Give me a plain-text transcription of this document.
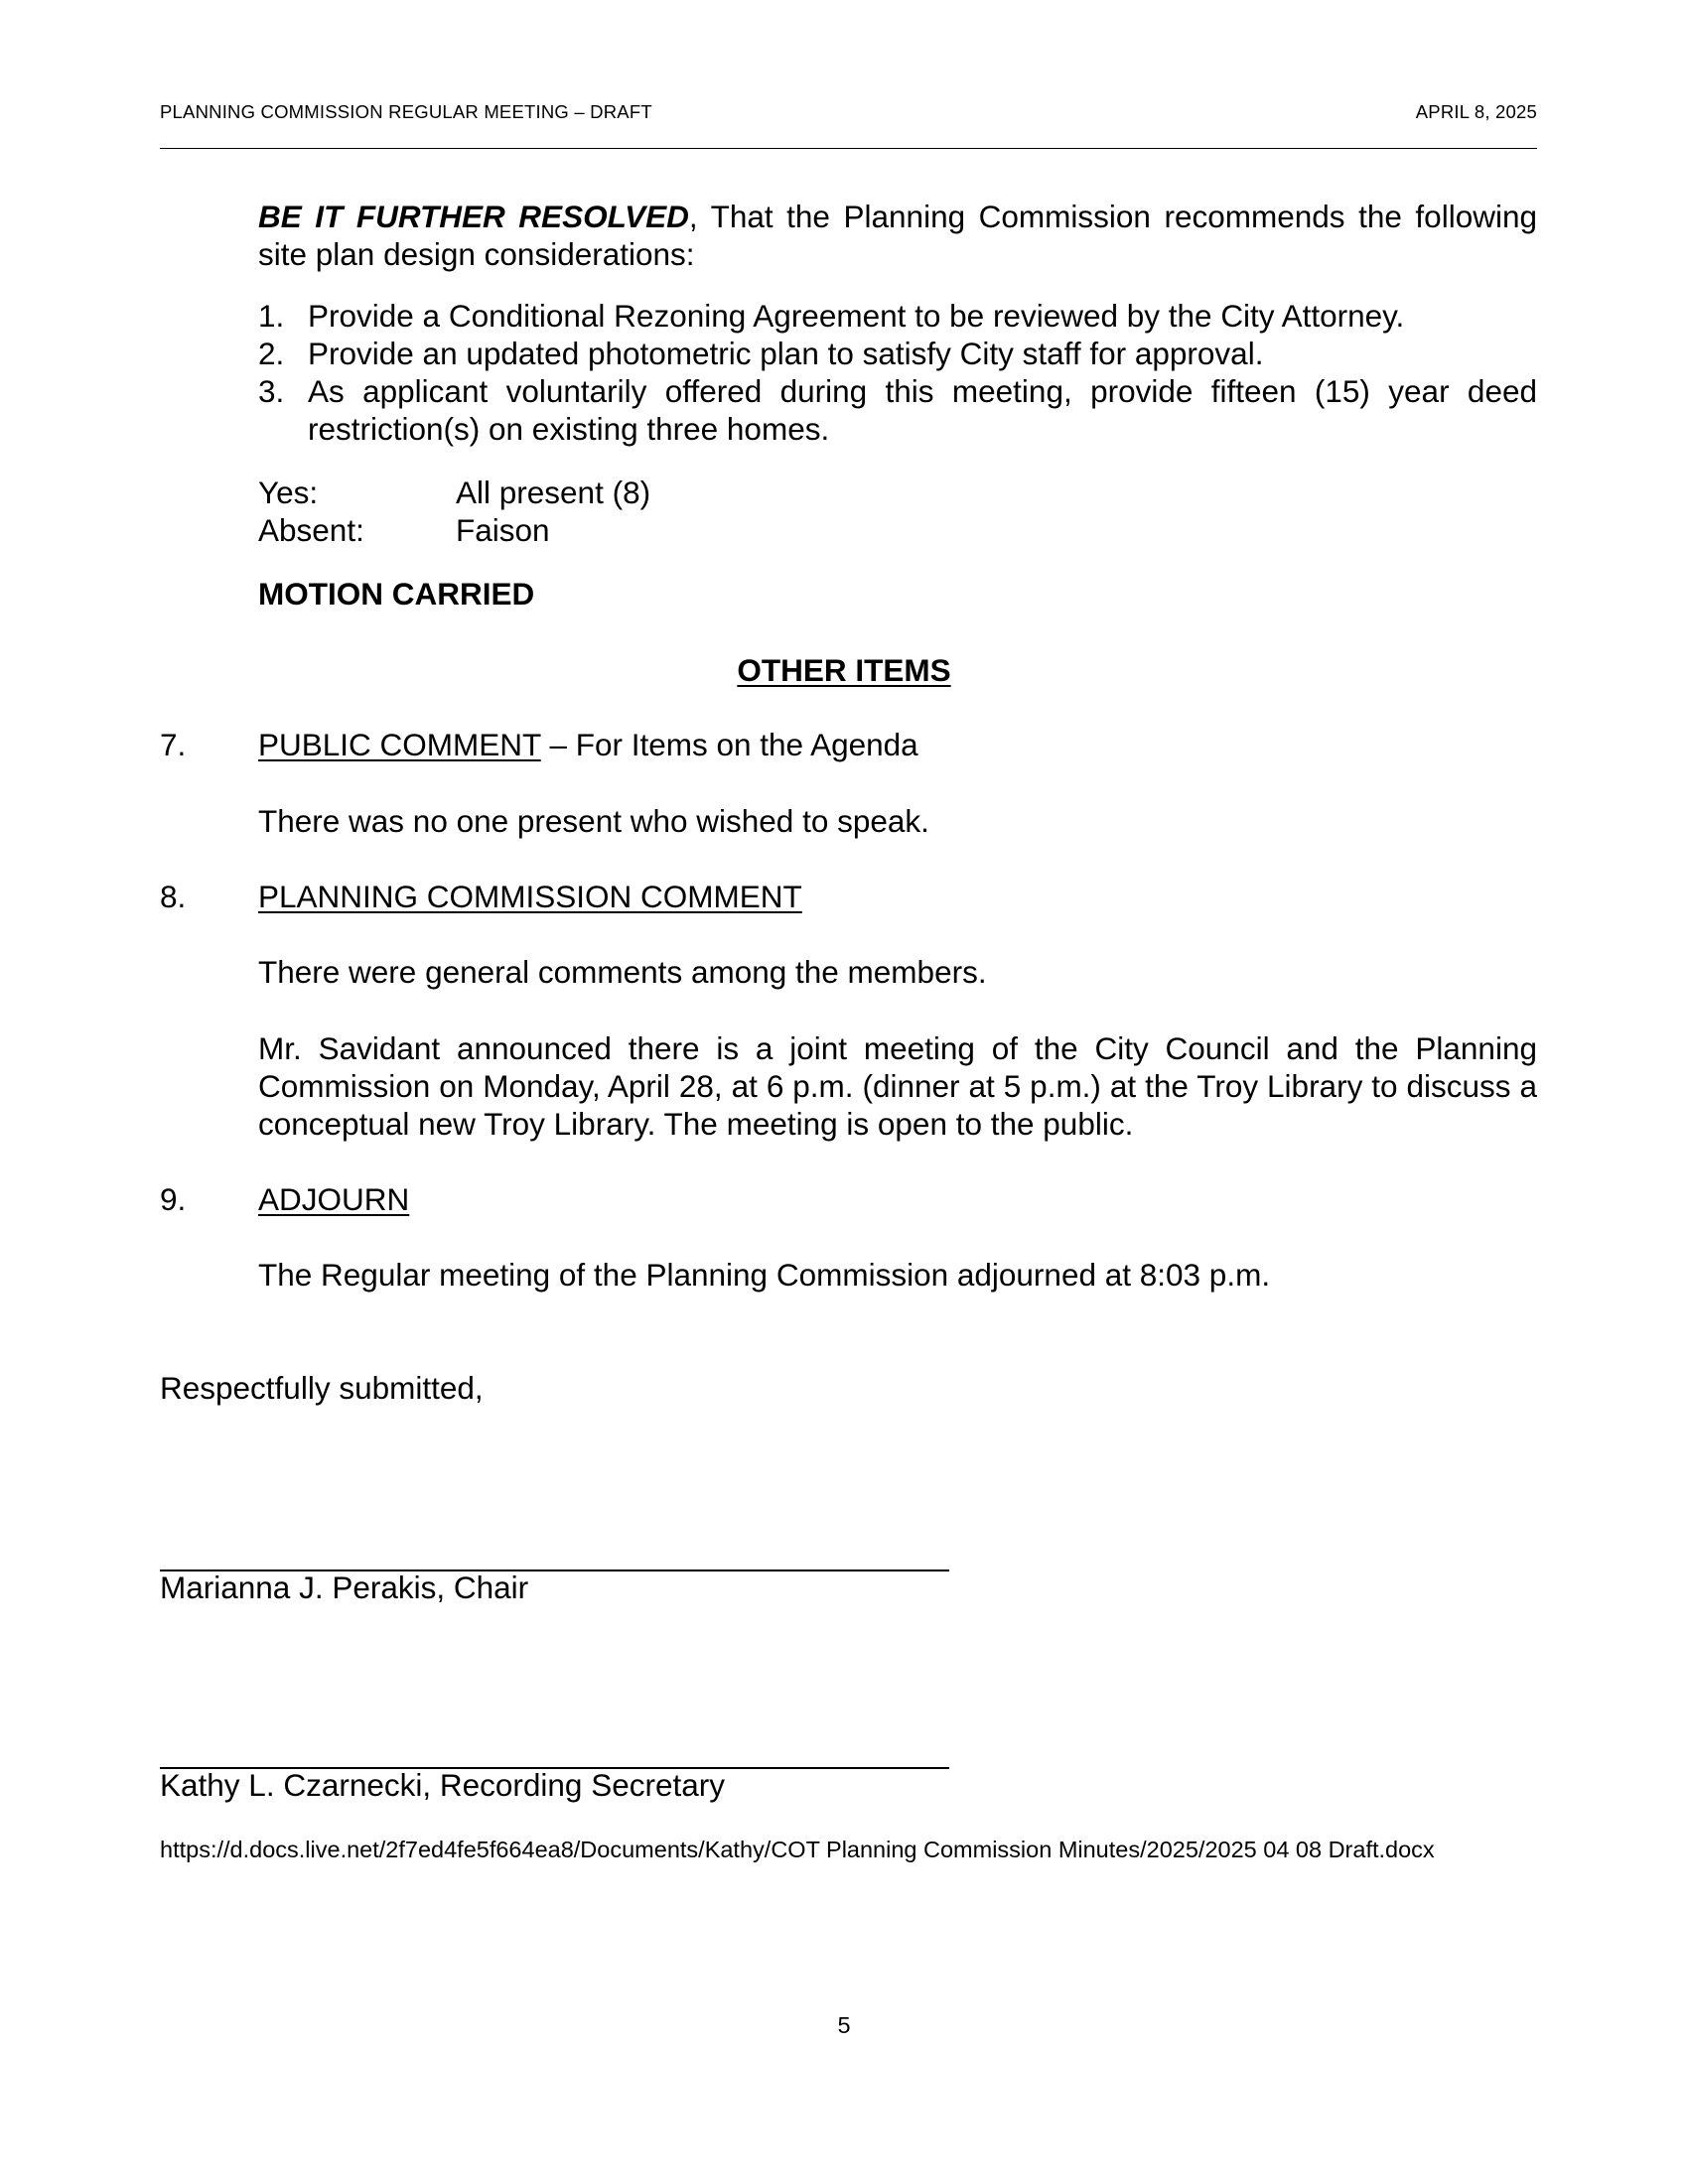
PLANNING COMMISSION REGULAR MEETING – DRAFT	APRIL 8, 2025
BE IT FURTHER RESOLVED, That the Planning Commission recommends the following site plan design considerations:
1. Provide a Conditional Rezoning Agreement to be reviewed by the City Attorney.
2. Provide an updated photometric plan to satisfy City staff for approval.
3. As applicant voluntarily offered during this meeting, provide fifteen (15) year deed restriction(s) on existing three homes.
Yes:	All present (8)
Absent:	Faison
MOTION CARRIED
OTHER ITEMS
7. PUBLIC COMMENT – For Items on the Agenda
There was no one present who wished to speak.
8. PLANNING COMMISSION COMMENT
There were general comments among the members.
Mr. Savidant announced there is a joint meeting of the City Council and the Planning Commission on Monday, April 28, at 6 p.m. (dinner at 5 p.m.) at the Troy Library to discuss a conceptual new Troy Library. The meeting is open to the public.
9. ADJOURN
The Regular meeting of the Planning Commission adjourned at 8:03 p.m.
Respectfully submitted,
Marianna J. Perakis, Chair
Kathy L. Czarnecki, Recording Secretary
https://d.docs.live.net/2f7ed4fe5f664ea8/Documents/Kathy/COT Planning Commission Minutes/2025/2025 04 08 Draft.docx
5
